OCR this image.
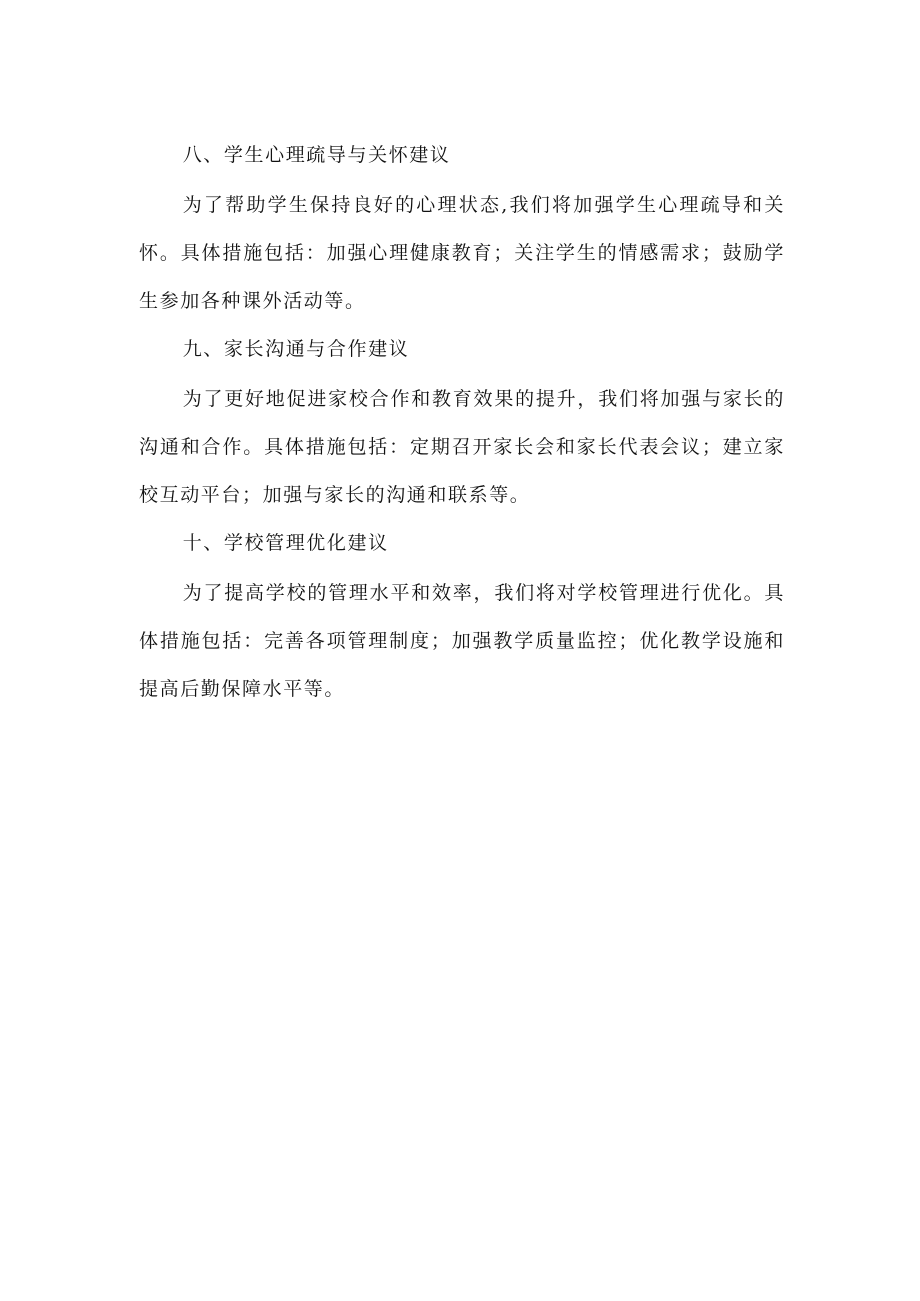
八、学生心理疏导与关怀建议

为了帮助学生保持良好的心理状态,我们将加强学生心理疏导和关怀。具体措施包括：加强心理健康教育；关注学生的情感需求；鼓励学生参加各种课外活动等。

九、家长沟通与合作建议

为了更好地促进家校合作和教育效果的提升，我们将加强与家长的沟通和合作。具体措施包括：定期召开家长会和家长代表会议；建立家校互动平台；加强与家长的沟通和联系等。

十、学校管理优化建议

为了提高学校的管理水平和效率，我们将对学校管理进行优化。具体措施包括：完善各项管理制度；加强教学质量监控；优化教学设施和提高后勤保障水平等。
